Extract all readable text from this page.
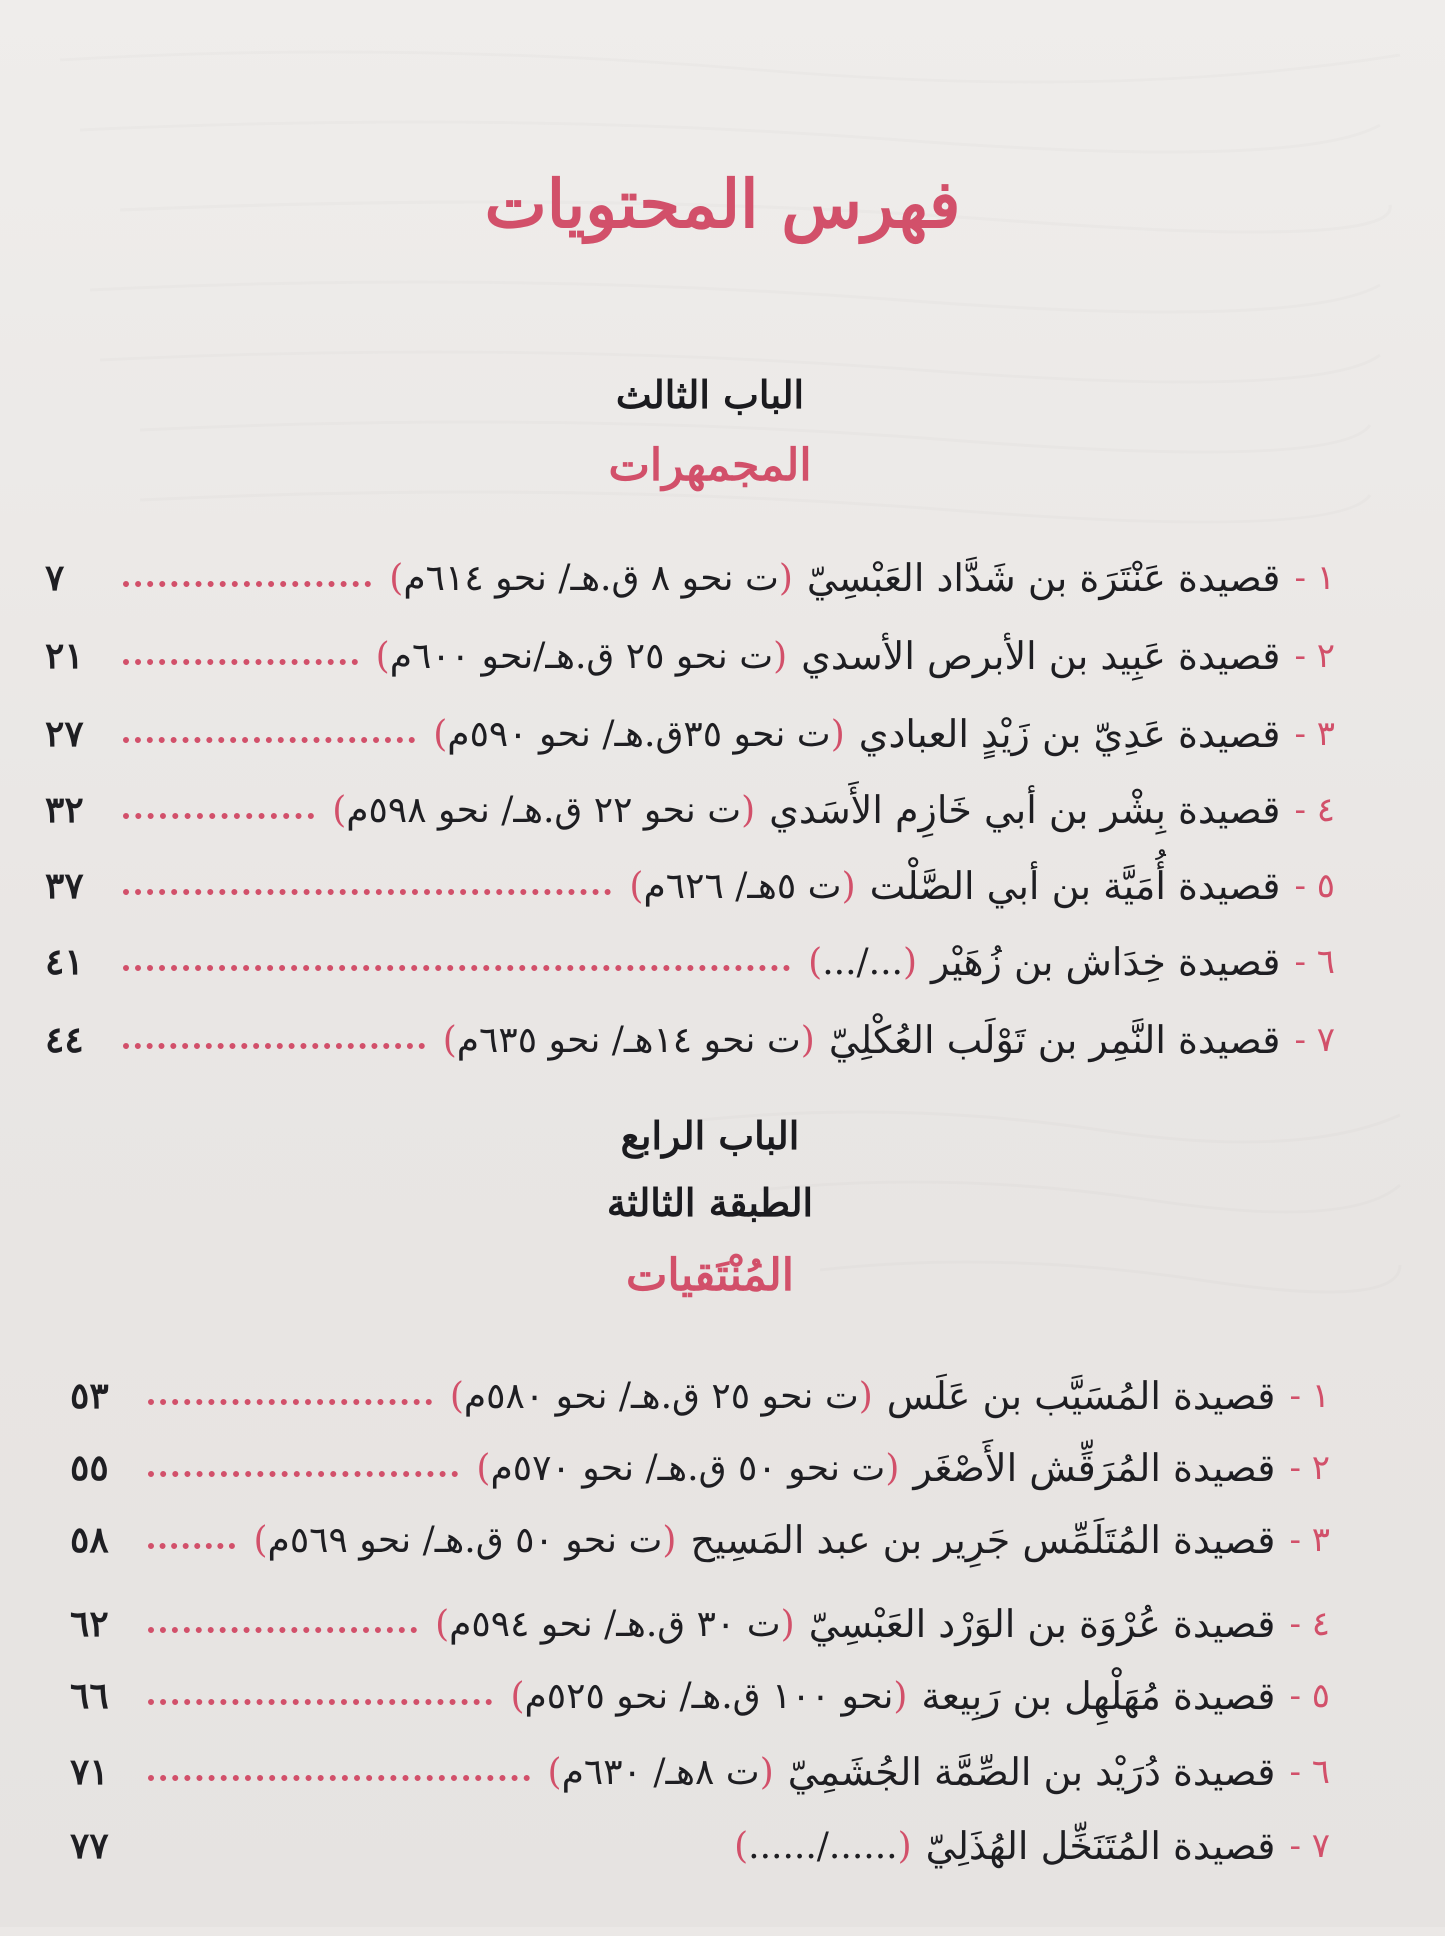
فهرس المحتويات
الباب الثالث
المجمهرات
١ -
قصيدة عَنْتَرَة بن شَدَّاد العَبْسِيّ
(ت نحو ٨ ق.هـ/ نحو ٦١٤م)
٧
٢ -
قصيدة عَبِيد بن الأبرص الأسدي
(ت نحو ٢٥ ق.هـ/نحو ٦٠٠م)
٢١
٣ -
قصيدة عَدِيّ بن زَيْدٍ العبادي
(ت نحو ٣٥ق.هـ/ نحو ٥٩٠م)
٢٧
٤ -
قصيدة بِشْر بن أبي خَازِم الأَسَدي
(ت نحو ٢٢ ق.هـ/ نحو ٥٩٨م)
٣٢
٥ -
قصيدة أُمَيَّة بن أبي الصَّلْت
(ت ٥هـ/ ٦٢٦م)
٣٧
٦ -
قصيدة خِدَاش بن زُهَيْر
(.../...)
٤١
٧ -
قصيدة النَّمِر بن تَوْلَب العُكْلِيّ
(ت نحو ١٤هـ/ نحو ٦٣٥م)
٤٤
الباب الرابع
الطبقة الثالثة
المُنْتَقيات
١ -
قصيدة المُسَيَّب بن عَلَس
(ت نحو ٢٥ ق.هـ/ نحو ٥٨٠م)
٥٣
٢ -
قصيدة المُرَقِّش الأَصْغَر
(ت نحو ٥٠ ق.هـ/ نحو ٥٧٠م)
٥٥
٣ -
قصيدة المُتَلَمِّس جَرِير بن عبد المَسِيح
(ت نحو ٥٠ ق.هـ/ نحو ٥٦٩م)
٥٨
٤ -
قصيدة عُرْوَة بن الوَرْد العَبْسِيّ
(ت ٣٠ ق.هـ/ نحو ٥٩٤م)
٦٢
٥ -
قصيدة مُهَلْهِل بن رَبِيعة
(نحو ١٠٠ ق.هـ/ نحو ٥٢٥م)
٦٦
٦ -
قصيدة دُرَيْد بن الصِّمَّة الجُشَمِيّ
(ت ٨هـ/ ٦٣٠م)
٧١
٧ -
قصيدة المُتَنَخِّل الهُذَلِيّ
(....../......)
٧٧
